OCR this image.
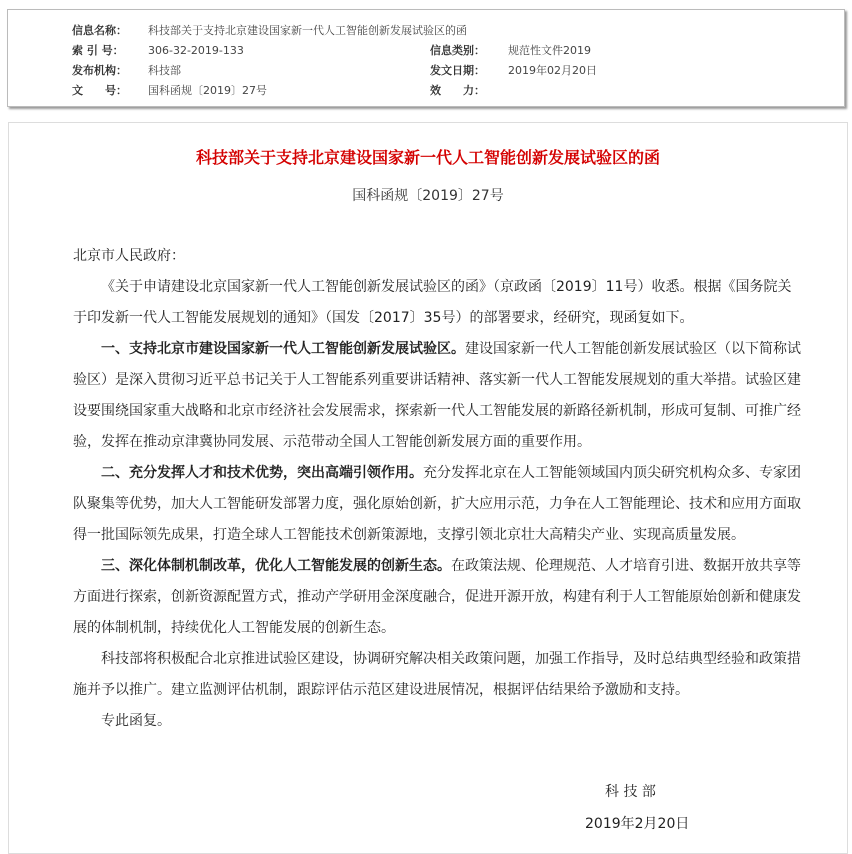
信息名称： 科技部关于支持北京建设国家新一代人工智能创新发展试验区的函
索 引 号： 306-32-2019-133	信息类别： 规范性文件2019
发布机构： 科技部	发文日期： 2019年02月20日
文　　号： 国科函规〔2019〕27号	效　　力：
科技部关于支持北京建设国家新一代人工智能创新发展试验区的函
国科函规〔2019〕27号

北京市人民政府：

《关于申请建设北京国家新一代人工智能创新发展试验区的函》（京政函〔2019〕11号）收悉。根据《国务院关于印发新一代人工智能发展规划的通知》（国发〔2017〕35号）的部署要求，经研究，现函复如下。

一、支持北京市建设国家新一代人工智能创新发展试验区。建设国家新一代人工智能创新发展试验区（以下简称试验区）是深入贯彻习近平总书记关于人工智能系列重要讲话精神、落实新一代人工智能发展规划的重大举措。试验区建设要围绕国家重大战略和北京市经济社会发展需求，探索新一代人工智能发展的新路径新机制，形成可复制、可推广经验，发挥在推动京津冀协同发展、示范带动全国人工智能创新发展方面的重要作用。

二、充分发挥人才和技术优势，突出高端引领作用。充分发挥北京在人工智能领域国内顶尖研究机构众多、专家团队聚集等优势，加大人工智能研发部署力度，强化原始创新，扩大应用示范，力争在人工智能理论、技术和应用方面取得一批国际领先成果，打造全球人工智能技术创新策源地，支撑引领北京壮大高精尖产业、实现高质量发展。

三、深化体制机制改革，优化人工智能发展的创新生态。在政策法规、伦理规范、人才培育引进、数据开放共享等方面进行探索，创新资源配置方式，推动产学研用金深度融合，促进开源开放，构建有利于人工智能原始创新和健康发展的体制机制，持续优化人工智能发展的创新生态。

科技部将积极配合北京推进试验区建设，协调研究解决相关政策问题，加强工作指导，及时总结典型经验和政策措施并予以推广。建立监测评估机制，跟踪评估示范区建设进展情况，根据评估结果给予激励和支持。

专此函复。

科 技 部
2019年2月20日
